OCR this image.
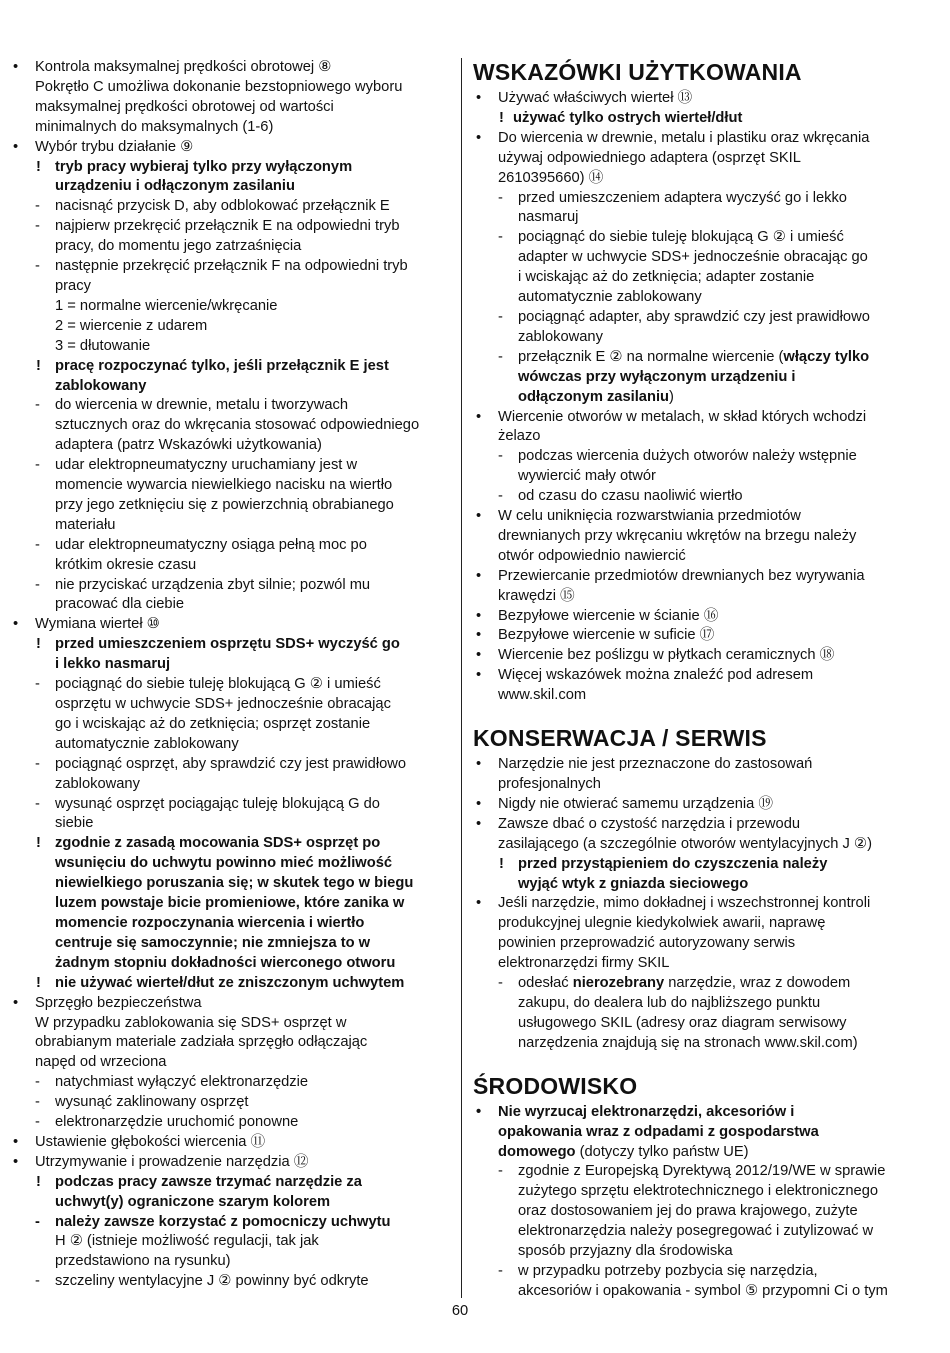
• Kontrola maksymalnej prędkości obrotowej ⑧
Pokrętło C umożliwa dokonanie bezstopniowego wyboru
maksymalnej prędkości obrotowej od wartości
minimalnych do maksymalnych (1-6)
• Wybór trybu działanie ⑨
! tryb pracy wybieraj tylko przy wyłączonym
urządzeniu i odłączonym zasilaniu
- nacisnąć przycisk D, aby odblokować przełącznik E
- najpierw przekręcić przełącznik E na odpowiedni tryb
pracy, do momentu jego zatrzaśnięcia
- następnie przekręcić przełącznik F na odpowiedni tryb
pracy
1 = normalne wiercenie/wkręcanie
2 = wiercenie z udarem
3 = dłutowanie
! pracę rozpoczynać tylko, jeśli przełącznik E jest
zablokowany
- do wiercenia w drewnie, metalu i tworzywach
sztucznych oraz do wkręcania stosować odpowiedniego
adaptera (patrz Wskazówki użytkowania)
- udar elektropneumatyczny uruchamiany jest w
momencie wywarcia niewielkiego nacisku na wiertło
przy jego zetknięciu się z powierzchnią obrabianego
materiału
- udar elektropneumatyczny osiąga pełną moc po
krótkim okresie czasu
- nie przyciskać urządzenia zbyt silnie; pozwól mu
pracować dla ciebie
• Wymiana wierteł ⑩
! przed umieszczeniem osprzętu SDS+ wyczyść go
i lekko nasmaruj
- pociągnąć do siebie tuleję blokującą G ② i umieść
osprzętu w uchwycie SDS+ jednocześnie obracając
go i wciskając aż do zetknięcia; osprzęt zostanie
automatycznie zablokowany
- pociągnąć osprzęt, aby sprawdzić czy jest prawidłowo
zablokowany
- wysunąć osprzęt pociągając tuleję blokującą G do
siebie
! zgodnie z zasadą mocowania SDS+ osprzęt po
wsunięciu do uchwytu powinno mieć możliwość
niewielkiego poruszania się; w skutek tego w biegu
luzem powstaje bicie promieniowe, które zanika w
momencie rozpoczynania wiercenia i wiertło
centruje się samoczynnie; nie zmniejsza to w
żadnym stopniu dokładności wierconego otworu
! nie używać wierteł/dłut ze zniszczonym uchwytem
• Sprzęgło bezpieczeństwa
W przypadku zablokowania się SDS+ osprzęt w
obrabianym materiale zadziała sprzęgło odłączając
napęd od wrzeciona
- natychmiast wyłączyć elektronarzędzie
- wysunąć zaklinowany osprzęt
- elektronarzędzie uruchomić ponowne
• Ustawienie głębokości wiercenia ⑪
• Utrzymywanie i prowadzenie narzędzia ⑫
! podczas pracy zawsze trzymać narzędzie za
uchwyt(y) ograniczone szarym kolorem
- należy zawsze korzystać z pomocniczy uchwytu
H ② (istnieje możliwość regulacji, tak jak
przedstawiono na rysunku)
- szczeliny wentylacyjne J ② powinny być odkryte
WSKAZÓWKI UŻYTKOWANIA
• Używać właściwych wierteł ⑬
! używać tylko ostrych wierteł/dłut
• Do wiercenia w drewnie, metalu i plastiku oraz wkręcania
używaj odpowiedniego adaptera (osprzęt SKIL
2610395660) ⑭
- przed umieszczeniem adaptera wyczyść go i lekko
nasmaruj
- pociągnąć do siebie tuleję blokującą G ② i umieść
adapter w uchwycie SDS+ jednocześnie obracając go
i wciskając aż do zetknięcia; adapter zostanie
automatycznie zablokowany
- pociągnąć adapter, aby sprawdzić czy jest prawidłowo
zablokowany
- przełącznik E ② na normalne wiercenie (włączy tylko
wówczas przy wyłączonym urządzeniu i
odłączonym zasilaniu)
• Wiercenie otworów w metalach, w skład których wchodzi
żelazo
- podczas wiercenia dużych otworów należy wstępnie
wywiercić mały otwór
- od czasu do czasu naoliwić wiertło
• W celu uniknięcia rozwarstwiania przedmiotów
drewnianych przy wkręcaniu wkrętów na brzegu należy
otwór odpowiednio nawiercić
• Przewiercanie przedmiotów drewnianych bez wyrywania
krawędzi ⑮
• Bezpyłowe wiercenie w ścianie ⑯
• Bezpyłowe wiercenie w suficie ⑰
• Wiercenie bez poślizgu w płytkach ceramicznych ⑱
• Więcej wskazówek można znaleźć pod adresem
www.skil.com
KONSERWACJA / SERWIS
• Narzędzie nie jest przeznaczone do zastosowań
profesjonalnych
• Nigdy nie otwierać samemu urządzenia ⑲
• Zawsze dbać o czystość narzędzia i przewodu
zasilającego (a szczególnie otworów wentylacyjnych J ②)
! przed przystąpieniem do czyszczenia należy
wyjąć wtyk z gniazda sieciowego
• Jeśli narzędzie, mimo dokładnej i wszechstronnej kontroli
produkcyjnej ulegnie kiedykolwiek awarii, naprawę
powinien przeprowadzić autoryzowany serwis
elektronarzędzi firmy SKIL
- odesłać nierozebrany narzędzie, wraz z dowodem
zakupu, do dealera lub do najbliższego punktu
usługowego SKIL (adresy oraz diagram serwisowy
narzędzenia znajdują się na stronach www.skil.com)
ŚRODOWISKO
• Nie wyrzucaj elektronarzędzi, akcesoriów i
opakowania wraz z odpadami z gospodarstwa
domowego (dotyczy tylko państw UE)
- zgodnie z Europejską Dyrektywą 2012/19/WE w sprawie
zużytego sprzętu elektrotechnicznego i elektronicznego
oraz dostosowaniem jej do prawa krajowego, zużyte
elektronarzędzia należy posegregować i zutylizować w
sposób przyjazny dla środowiska
- w przypadku potrzeby pozbycia się narzędzia,
akcesoriów i opakowania - symbol ⑤ przypomni Ci o tym
60
